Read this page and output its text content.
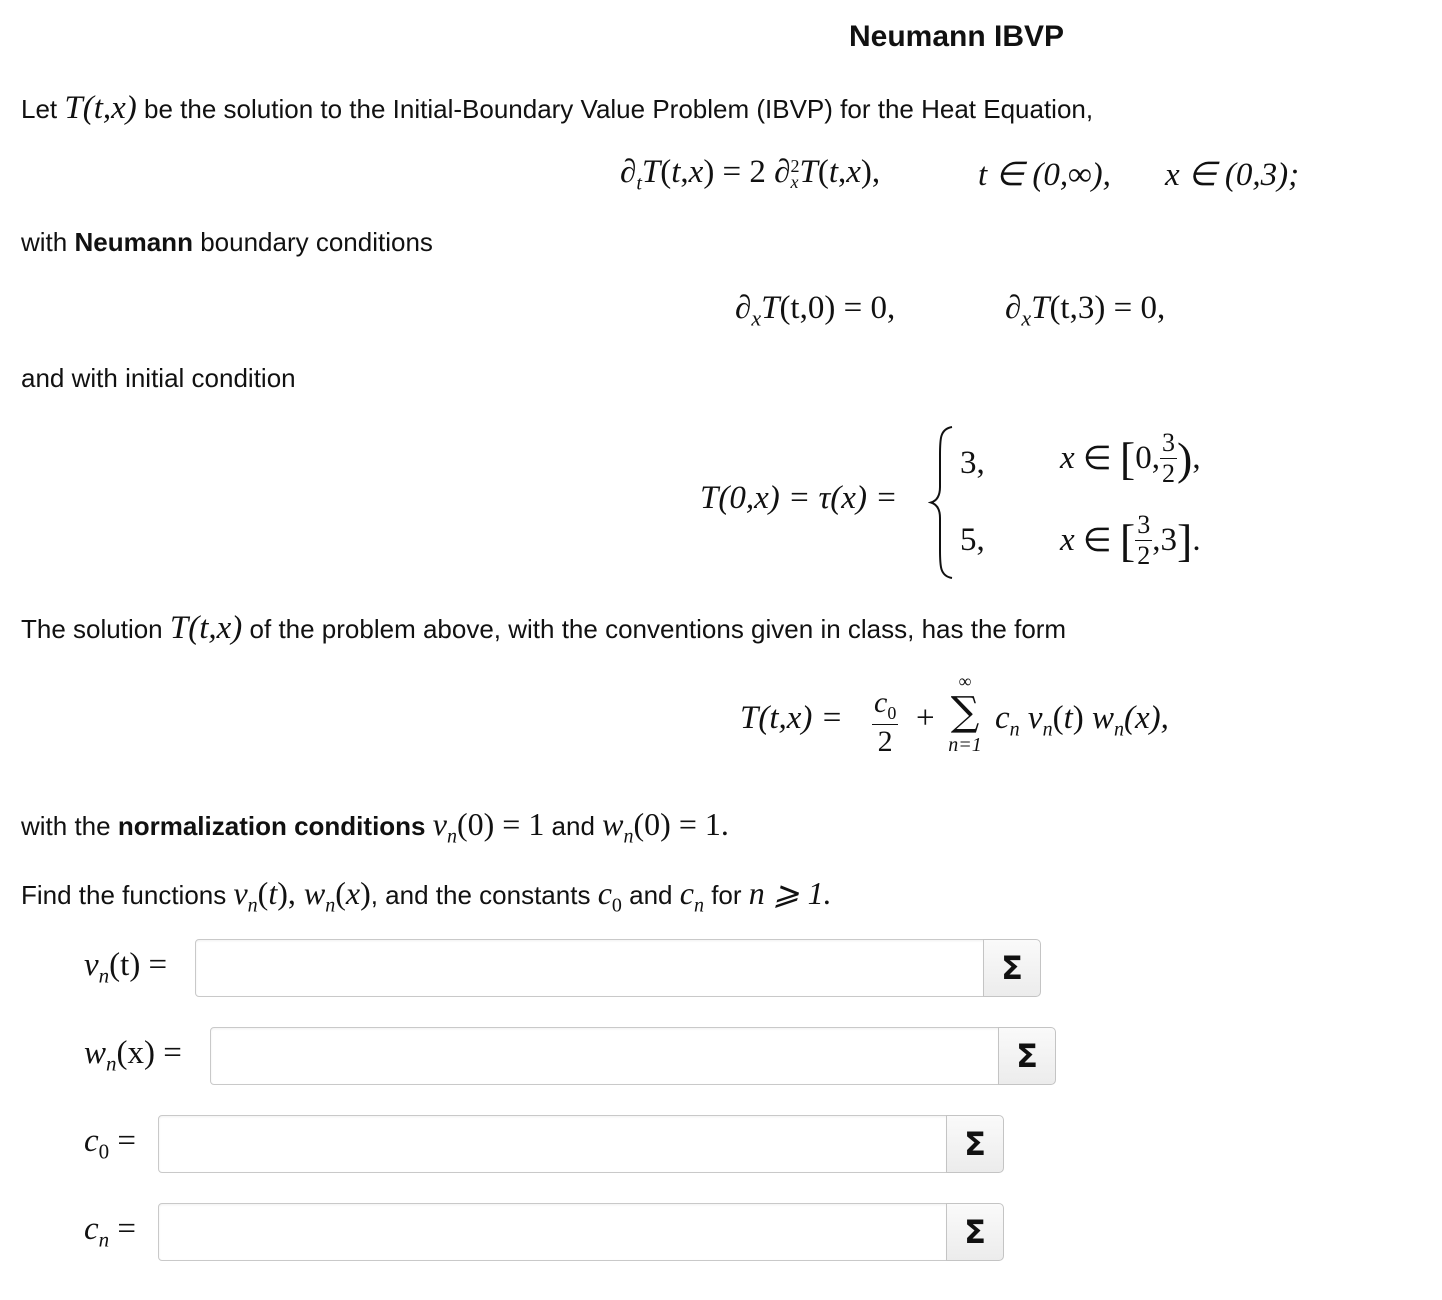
Neumann IBVP
Let T(t,x) be the solution to the Initial-Boundary Value Problem (IBVP) for the Heat Equation,
$\partial_tT(t,x) = 2$ ∂ 2
x T(t,x),	t ∈ (0,∞), x ∈ (0,3);
with Neumann boundary conditions
$\partial_xT(t,0) = 0$,	$\partial_xT(t,3) = 0$,
and with initial condition
T(0,x) = τ(x) =
3,
5,
x ∈ [ 0, $\frac{3}{2}$ ) ,
x ∈ [ $\frac{3}{2} ,3$ ] .
The solution T(t,x) of the problem above, with the conventions given in class, has the form
$T(t,x) = \frac{c_0}{2}$ +
∞
∑
n=1
$c_n$ $v_n(t)$ $w_n(x)$,
with the normalization conditions $v_n(0) = 1$ and $w_n(0) = 1$.
Find the functions $v_n(t)$, $w_n(x)$, and the constants $c_0$ and $c_n$ for n ⩾ 1.
$v_n(t)$ =	Σ
$w_n(x)$ =	Σ
$c_0$ =	Σ
$c_n$ =	Σ
